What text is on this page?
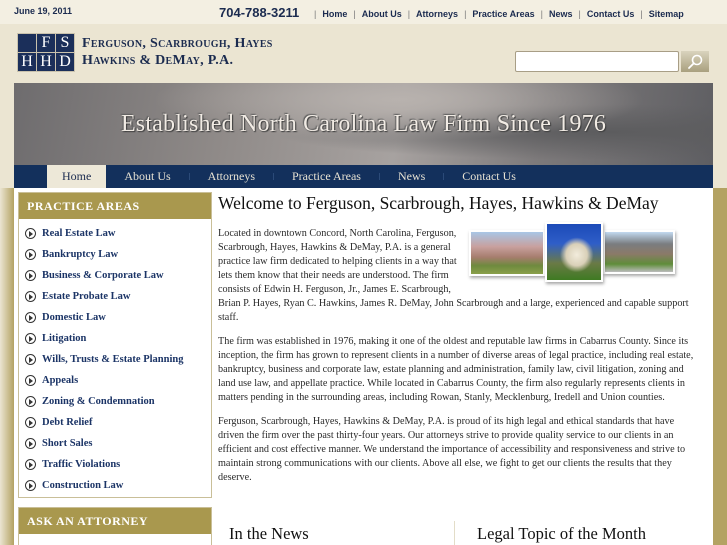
June 19, 2011	704-788-3211 | Home | About Us | Attorneys | Practice Areas | News | Contact Us | Sitemap
F S
H H D
Ferguson, Scarbrough, Hayes
Hawkins & DeMay, P.A.
Established North Carolina Law Firm Since 1976
Home	About Us	Attorneys	Practice Areas	News	Contact Us
PRACTICE AREAS
Real Estate Law
Bankruptcy Law
Business & Corporate Law
Estate Probate Law
Domestic Law
Litigation
Wills, Trusts & Estate Planning
Appeals
Zoning & Condemnation
Debt Relief
Short Sales
Traffic Violations
Construction Law
ASK AN ATTORNEY
Welcome to Ferguson, Scarbrough, Hayes, Hawkins & DeMay

Located in downtown Concord, North Carolina, Ferguson, Scarbrough, Hayes, Hawkins & DeMay, P.A. is a general practice law firm dedicated to helping clients in a way that lets them know that their needs are understood. The firm consists of Edwin H. Ferguson, Jr., James E. Scarbrough, Brian P. Hayes, Ryan C. Hawkins, James R. DeMay, John Scarbrough and a large, experienced and capable support staff.

The firm was established in 1976, making it one of the oldest and reputable law firms in Cabarrus County. Since its inception, the firm has grown to represent clients in a number of diverse areas of legal practice, including real estate, bankruptcy, business and corporate law, estate planning and administration, family law, civil litigation, zoning and land use law, and appellate practice. While located in Cabarrus County, the firm also regularly represents clients in matters pending in the surrounding areas, including Rowan, Stanly, Mecklenburg, Iredell and Union counties.

Ferguson, Scarbrough, Hayes, Hawkins & DeMay, P.A. is proud of its high legal and ethical standards that have driven the firm over the past thirty-four years. Our attorneys strive to provide quality service to our clients in an efficient and cost effective manner. We understand the importance of accessibility and responsiveness and strive to maintain strong communications with our clients. Above all else, we fight to get our clients the results that they deserve.

In the News	Legal Topic of the Month
